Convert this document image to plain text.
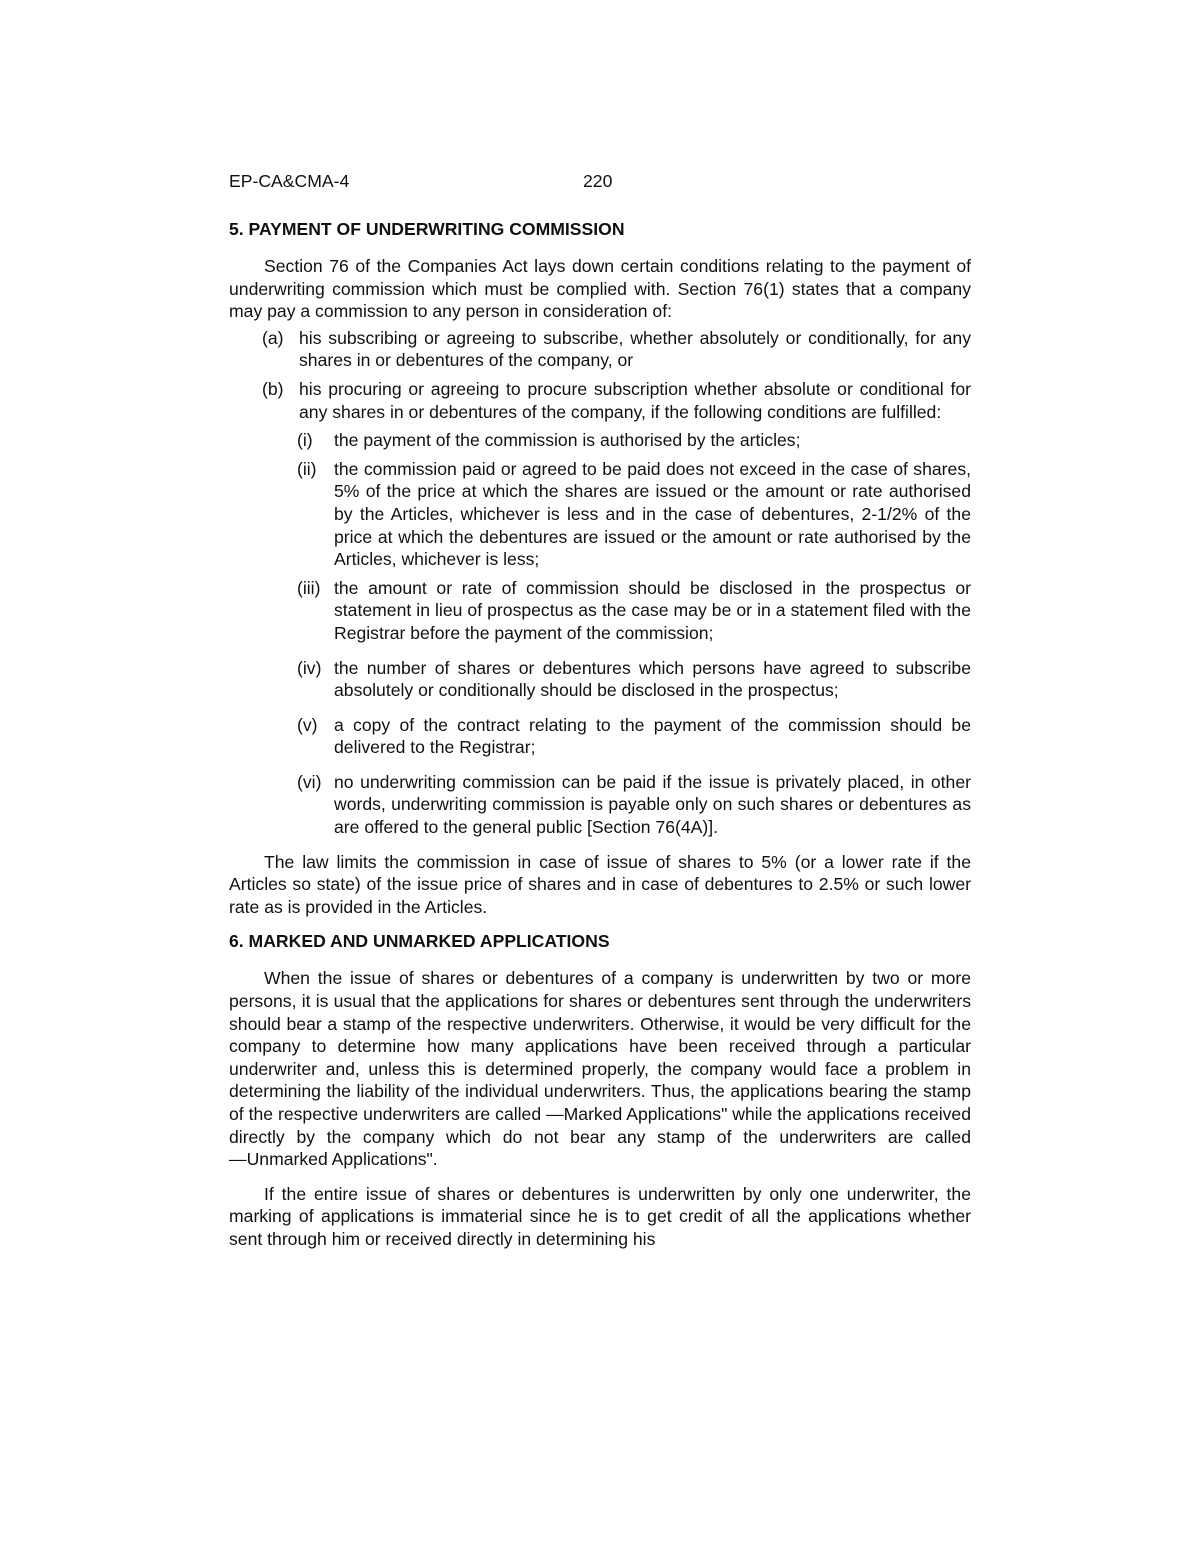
EP-CA&CMA-4	220
5. PAYMENT OF UNDERWRITING COMMISSION

Section 76 of the Companies Act lays down certain conditions relating to the payment of underwriting commission which must be complied with. Section 76(1) states that a company may pay a commission to any person in consideration of:

(a) his subscribing or agreeing to subscribe, whether absolutely or conditionally, for any shares in or debentures of the company, or
(b) his procuring or agreeing to procure subscription whether absolute or conditional for any shares in or debentures of the company, if the following conditions are fulfilled:
(i) the payment of the commission is authorised by the articles;
(ii) the commission paid or agreed to be paid does not exceed in the case of shares, 5% of the price at which the shares are issued or the amount or rate authorised by the Articles, whichever is less and in the case of debentures, 2-1/2% of the price at which the debentures are issued or the amount or rate authorised by the Articles, whichever is less;
(iii) the amount or rate of commission should be disclosed in the prospectus or statement in lieu of prospectus as the case may be or in a statement filed with the Registrar before the payment of the commission;
(iv) the number of shares or debentures which persons have agreed to subscribe absolutely or conditionally should be disclosed in the prospectus;
(v) a copy of the contract relating to the payment of the commission should be delivered to the Registrar;
(vi) no underwriting commission can be paid if the issue is privately placed, in other words, underwriting commission is payable only on such shares or debentures as are offered to the general public [Section 76(4A)].

The law limits the commission in case of issue of shares to 5% (or a lower rate if the Articles so state) of the issue price of shares and in case of debentures to 2.5% or such lower rate as is provided in the Articles.

6. MARKED AND UNMARKED APPLICATIONS

When the issue of shares or debentures of a company is underwritten by two or more persons, it is usual that the applications for shares or debentures sent through the underwriters should bear a stamp of the respective underwriters. Otherwise, it would be very difficult for the company to determine how many applications have been received through a particular underwriter and, unless this is determined properly, the company would face a problem in determining the liability of the individual underwriters. Thus, the applications bearing the stamp of the respective underwriters are called ―Marked Applications" while the applications received directly by the company which do not bear any stamp of the underwriters are called ―Unmarked Applications".

If the entire issue of shares or debentures is underwritten by only one underwriter, the marking of applications is immaterial since he is to get credit of all the applications whether sent through him or received directly in determining his
